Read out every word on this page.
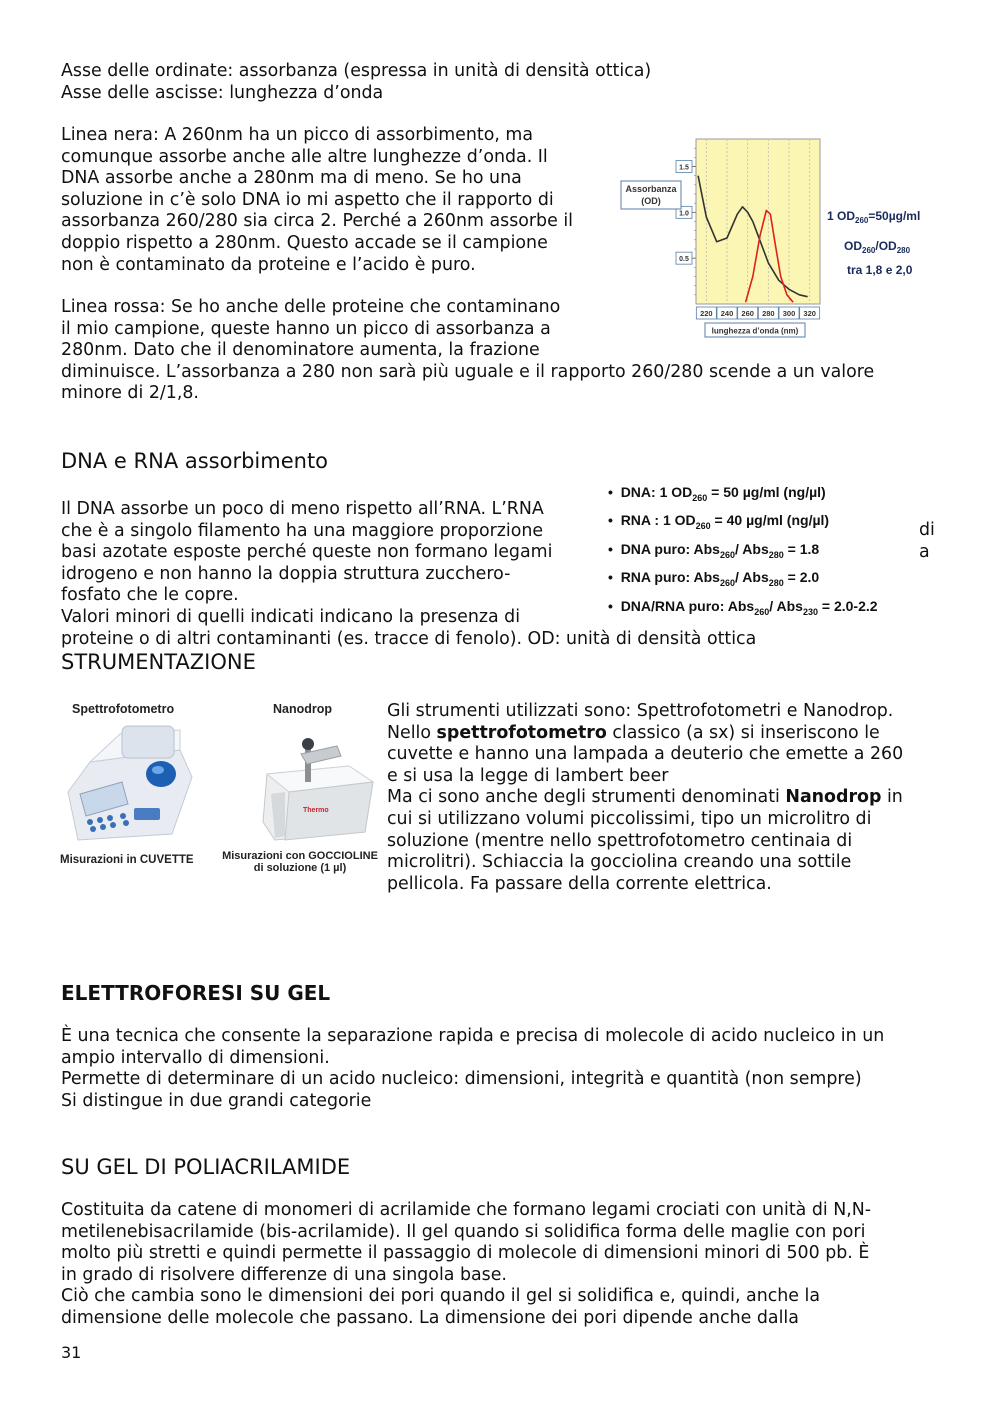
Asse delle ordinate: assorbanza (espressa in unità di densità ottica)
Asse delle ascisse: lunghezza d’onda
Linea nera: A 260nm ha un picco di assorbimento, ma
comunque assorbe anche alle altre lunghezze d’onda. Il
DNA assorbe anche a 280nm ma di meno. Se ho una
soluzione in c’è solo DNA io mi aspetto che il rapporto di
assorbanza 260/280 sia circa 2. Perché a 260nm assorbe il
doppio rispetto a 280nm. Questo accade se il campione
non è contaminato da proteine e l’acido è puro.
Linea rossa: Se ho anche delle proteine che contaminano
il mio campione, queste hanno un picco di assorbanza a
280nm. Dato che il denominatore aumenta, la frazione
diminuisce. L’assorbanza a 280 non sarà più uguale e il rapporto 260/280 scende a un valore
minore di 2/1,8.
0.5
1.0
1.5
220 240 260 280 300 320
Assorbanza
(OD)
lunghezza d’onda (nm)
1 $OD_{260}=50\mu g/ml$
$OD_{260}/OD_{280}$
tra 1,8 e 2,0
DNA e RNA assorbimento
Il DNA assorbe un poco di meno rispetto all’RNA. L’RNA
che è a singolo filamento ha una maggiore proporzione
basi azotate esposte perché queste non formano legami
idrogeno e non hanno la doppia struttura zucchero-
fosfato che le copre.
Valori minori di quelli indicati indicano la presenza di
proteine o di altri contaminanti (es. tracce di fenolo). OD: unità di densità ottica
di
a
•  DNA: 1 $OD_{260} = 50$ µg/ml (ng/µl)
•  RNA : 1 $OD_{260} = 40$ µg/ml (ng/µl)
•  DNA puro: Abs$_{260}$/ Abs$_{280}$ = 1.8
•  RNA puro: Abs$_{260}$/ Abs$_{280}$ = 2.0
•  DNA/RNA puro: Abs$_{260}$/ Abs$_{230}$ = 2.0-2.2
STRUMENTAZIONE
Spettrofotometro	Nanodrop
Misurazioni in CUVETTE
Thermo
Misurazioni con GOCCIOLINE
di soluzione (1 µl)
Gli strumenti utilizzati sono: Spettrofotometri e Nanodrop.
Nello spettrofotometro classico (a sx) si inseriscono le
cuvette e hanno una lampada a deuterio che emette a 260
e si usa la legge di lambert beer
Ma ci sono anche degli strumenti denominati Nanodrop in
cui si utilizzano volumi piccolissimi, tipo un microlitro di
soluzione (mentre nello spettrofotometro centinaia di
microlitri). Schiaccia la gocciolina creando una sottile
pellicola. Fa passare della corrente elettrica.
ELETTROFORESI SU GEL
È una tecnica che consente la separazione rapida e precisa di molecole di acido nucleico in un
ampio intervallo di dimensioni.
Permette di determinare di un acido nucleico: dimensioni, integrità e quantità (non sempre)
Si distingue in due grandi categorie
SU GEL DI POLIACRILAMIDE
Costituita da catene di monomeri di acrilamide che formano legami crociati con unità di N,N-
metilenebisacrilamide (bis-acrilamide). Il gel quando si solidifica forma delle maglie con pori
molto più stretti e quindi permette il passaggio di molecole di dimensioni minori di 500 pb. È
in grado di risolvere differenze di una singola base.
Ciò che cambia sono le dimensioni dei pori quando il gel si solidifica e, quindi, anche la
dimensione delle molecole che passano. La dimensione dei pori dipende anche dalla
31
